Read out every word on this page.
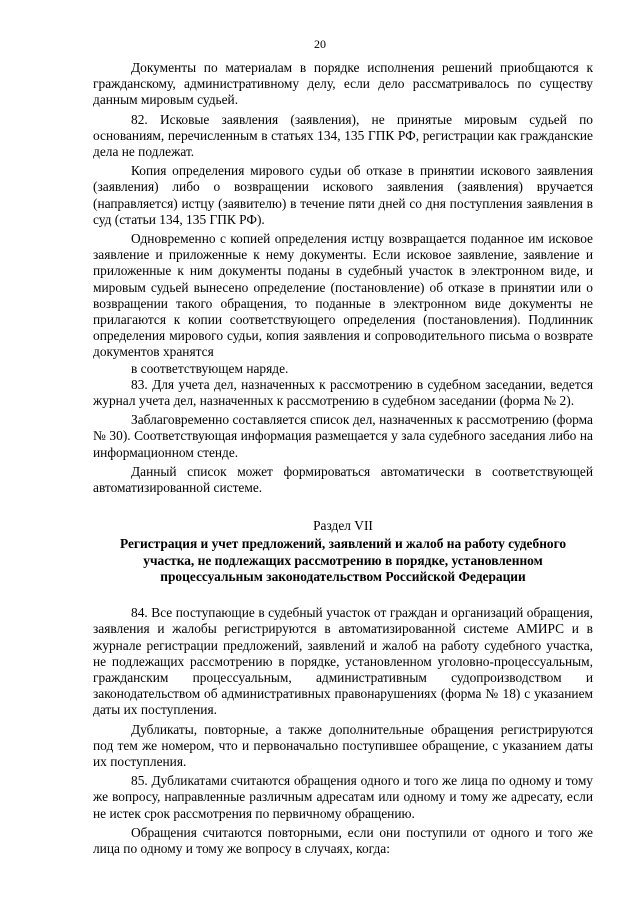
20

Документы по материалам в порядке исполнения решений приобщаются к гражданскому, административному делу, если дело рассматривалось по существу данным мировым судьей.

82. Исковые заявления (заявления), не принятые мировым судьей по основаниям, перечисленным в статьях 134, 135 ГПК РФ, регистрации как гражданские дела не подлежат.

Копия определения мирового судьи об отказе в принятии искового заявления (заявления) либо о возвращении искового заявления (заявления) вручается (направляется) истцу (заявителю) в течение пяти дней со дня поступления заявления в суд (статьи 134, 135 ГПК РФ).

Одновременно с копией определения истцу возвращается поданное им исковое заявление и приложенные к нему документы. Если исковое заявление, заявление и приложенные к ним документы поданы в судебный участок в электронном виде, и мировым судьей вынесено определение (постановление) об отказе в принятии или о возвращении такого обращения, то поданные в электронном виде документы не прилагаются к копии соответствующего определения (постановления). Подлинник определения мирового судьи, копия заявления и сопроводительного письма о возврате документов хранятся

в соответствующем наряде.

83. Для учета дел, назначенных к рассмотрению в судебном заседании, ведется журнал учета дел, назначенных к рассмотрению в судебном заседании (форма № 2).

Заблаговременно составляется список дел, назначенных к рассмотрению (форма № 30). Соответствующая информация размещается у зала судебного заседания либо на информационном стенде.

Данный список может формироваться автоматически в соответствующей автоматизированной системе.

Раздел VII

Регистрация и учет предложений, заявлений и жалоб на работу судебного участка, не подлежащих рассмотрению в порядке, установленном процессуальным законодательством Российской Федерации

84. Все поступающие в судебный участок от граждан и организаций обращения, заявления и жалобы регистрируются в автоматизированной системе АМИРС и в журнале регистрации предложений, заявлений и жалоб на работу судебного участка, не подлежащих рассмотрению в порядке, установленном уголовно-процессуальным, гражданским процессуальным, административным судопроизводством и законодательством об административных правонарушениях (форма № 18) с указанием даты их поступления.

Дубликаты, повторные, а также дополнительные обращения регистрируются под тем же номером, что и первоначально поступившее обращение, с указанием даты их поступления.

85. Дубликатами считаются обращения одного и того же лица по одному и тому же вопросу, направленные различным адресатам или одному и тому же адресату, если не истек срок рассмотрения по первичному обращению.

Обращения считаются повторными, если они поступили от одного и того же лица по одному и тому же вопросу в случаях, когда:
